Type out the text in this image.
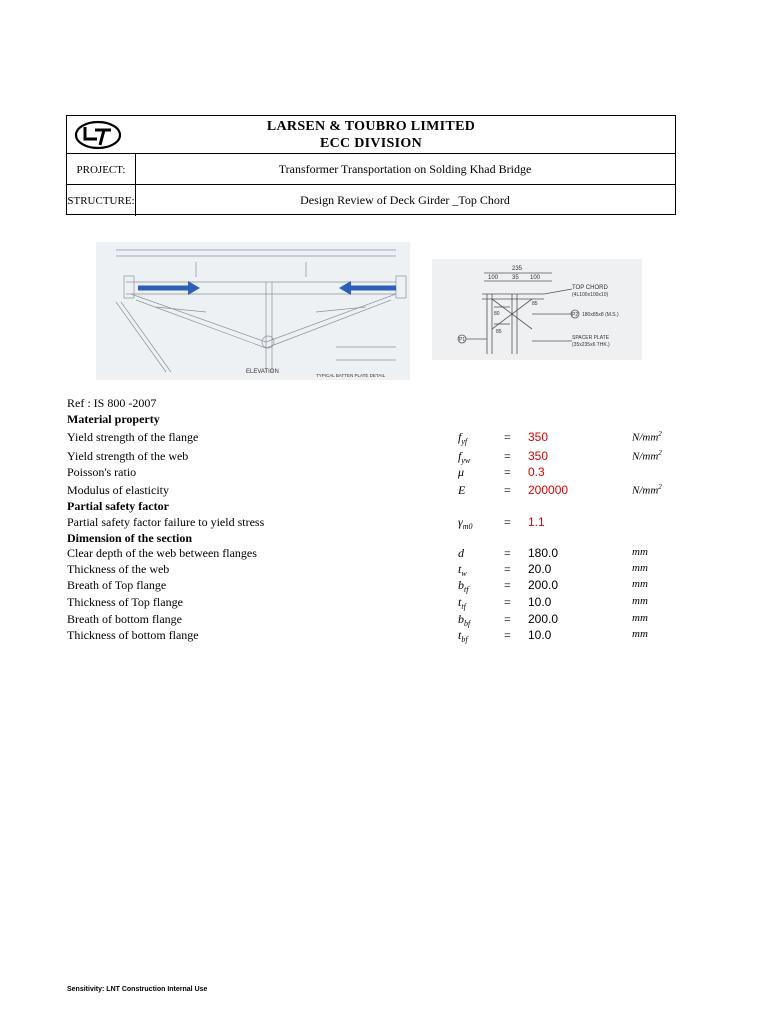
LARSEN & TOUBRO LIMITED
ECC DIVISION
PROJECT:	Transformer Transportation on Solding Khad Bridge
STRUCTURE:	Design Review of Deck Girder _Top Chord
ELEVATION
TYPICAL BATTEN PLATE DETAIL
235
100 35 100
TOP CHORD
(4L100x100x10)
P2 180x85x8 (M.S.)
P1	SPACER PLATE
(35x235x6 THK.)
85
80
85
Ref : IS 800 -2007
Material property
Yield strength of the flange	$f_{yf}$	= 350	$N/mm^2$
Yield strength of the web	$f_{yw}$	= 350	$N/mm^2$
Poisson's ratio	μ	= 0.3
Modulus of elasticity	E	= 200000	$N/mm^2$
Partial safety factor failure to yield stress	$\gamma_{m0}$	= 1.1
Clear depth of the web between flanges	d	= 180.0	mm
Thickness of the web	$t_w$	= 20.0	mm
Breath of Top flange	$b_{tf}$	= 200.0	mm
Thickness of Top flange	$t_{tf}$	= 10.0	mm
Breath of bottom flange	$b_{bf}$	= 200.0	mm
Thickness of bottom flange	$t_{bf}$	= 10.0	mm
Partial safety factor
Dimension of the section
Sensitivity: LNT Construction Internal Use
